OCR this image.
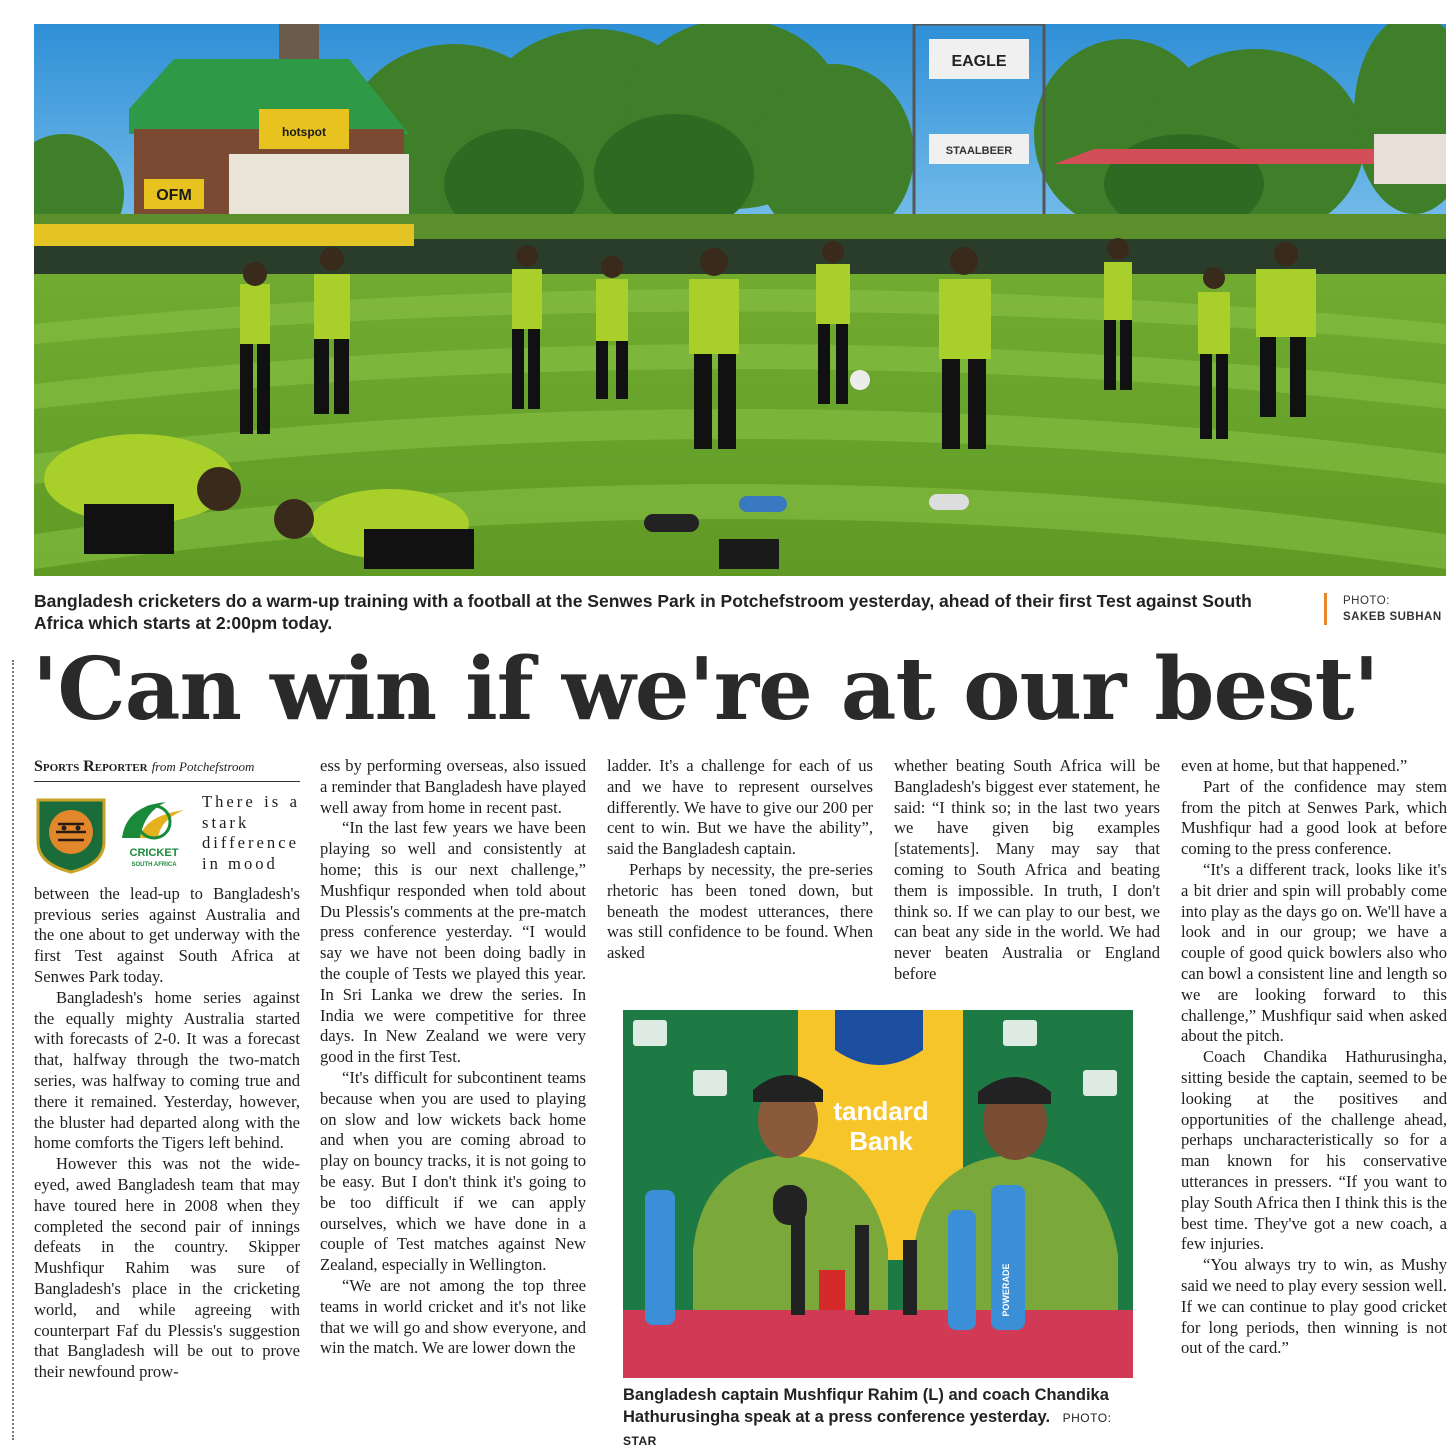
hotspot
OFM
EAGLE
STAALBEER
Bangladesh cricketers do a warm-up training with a football at the Senwes Park in Potchefstroom yesterday, ahead of their first Test against South Africa which starts at 2:00pm today.
PHOTO:
SAKEB SUBHAN
'Can win if we're at our best'
Sports Reporter from Potchefstroom
CRICKET
SOUTH AFRICA

There is a stark difference in mood

between the lead-up to Bangladesh's previous series against Australia and the one about to get underway with the first Test against South Africa at Senwes Park today.

Bangladesh's home series against the equally mighty Australia started with forecasts of 2-0. It was a forecast that, halfway through the two-match series, was halfway to coming true and there it remained. Yesterday, however, the bluster had departed along with the home comforts the Tigers left behind.

However this was not the wide-eyed, awed Bangladesh team that may have toured here in 2008 when they completed the second pair of innings defeats in the country. Skipper Mushfiqur Rahim was sure of Bangladesh's place in the cricketing world, and while agreeing with counterpart Faf du Plessis's suggestion that Bangladesh will be out to prove their newfound prow-

ess by performing overseas, also issued a reminder that Bangladesh have played well away from home in recent past.

“In the last few years we have been playing so well and consistently at home; this is our next challenge,” Mushfiqur responded when told about Du Plessis's comments at the pre-match press conference yesterday. “I would say we have not been doing badly in the couple of Tests we played this year. In Sri Lanka we drew the series. In India we were competitive for three days. In New Zealand we were very good in the first Test.

“It's difficult for subcontinent teams because when you are used to playing on slow and low wickets back home and when you are coming abroad to play on bouncy tracks, it is not going to be easy. But I don't think it's going to be too difficult if we can apply ourselves, which we have done in a couple of Test matches against New Zealand, especially in Wellington.

“We are not among the top three teams in world cricket and it's not like that we will go and show everyone, and win the match. We are lower down the

ladder. It's a challenge for each of us and we have to represent ourselves differently. We have to give our 200 per cent to win. But we have the ability”, said the Bangladesh captain.

Perhaps by necessity, the pre-series rhetoric has been toned down, but beneath the modest utterances, there was still confidence to be found. When asked

whether beating South Africa will be Bangladesh's biggest ever statement, he said: “I think so; in the last two years we have given big examples [statements]. Many may say that coming to South Africa and beating them is impossible. In truth, I don't think so. If we can play to our best, we can beat any side in the world. We had never beaten Australia or England before

even at home, but that happened.”

Part of the confidence may stem from the pitch at Senwes Park, which Mushfiqur had a good look at before coming to the press conference.

“It's a different track, looks like it's a bit drier and spin will probably come into play as the days go on. We'll have a look and in our group; we have a couple of good quick bowlers also who can bowl a consistent line and length so we are looking forward to this challenge,” Mushfiqur said when asked about the pitch.

Coach Chandika Hathurusingha, sitting beside the captain, seemed to be looking at the positives and opportunities of the challenge ahead, perhaps uncharacteristically so for a man known for his conservative utterances in pressers. “If you want to play South Africa then I think this is the best time. They've got a new coach, a few injuries.

“You always try to win, as Mushy said we need to play every session well. If we can continue to play good cricket for long periods, then winning is not out of the card.”

tandard
Bank
POWERADE
Bangladesh captain Mushfiqur Rahim (L) and coach Chandika Hathurusingha speak at a press conference yesterday. PHOTO: STAR
